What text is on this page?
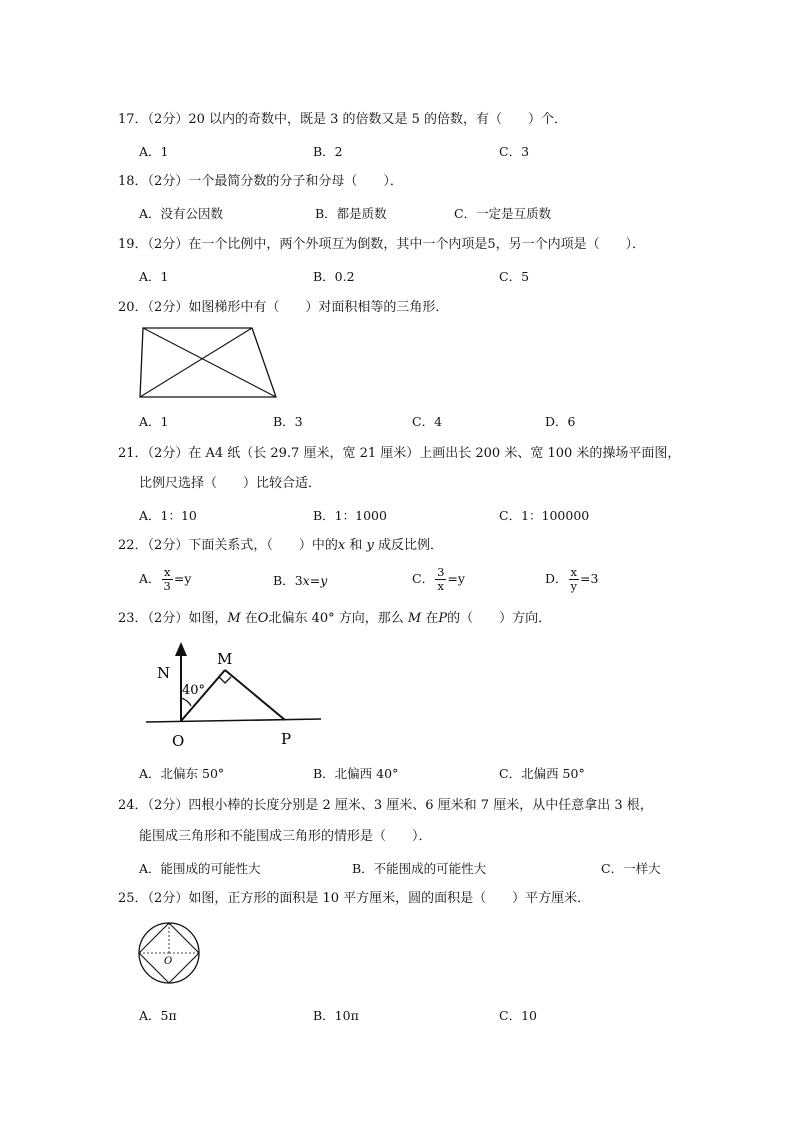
17．（2分）20 以内的奇数中，既是 3 的倍数又是 5 的倍数，有（　　）个．
A．1	B．2	C．3
18．（2分）一个最简分数的分子和分母（　　）．
A．没有公因数	B．都是质数	C．一定是互质数
19．（2分）在一个比例中，两个外项互为倒数，其中一个内项是5，另一个内项是（　　）．
A．1	B．0.2	C．5
20．（2分）如图梯形中有（　　）对面积相等的三角形．
A．1	B．3	C．4	D．6
21．（2分）在 A4 纸（长 29.7 厘米，宽 21 厘米）上画出长 200 米、宽 100 米的操场平面图，
比例尺选择（　　）比较合适．
A．1：10	B．1：1000	C．1：100000
22．（2分）下面关系式，（　　）中的x 和 y 成反比例．
A． $\frac{x}{3} =y$	B．3x=y	C． $\frac{3}{x} =y$	D． $\frac{x}{y} =3$
23．（2分）如图，M 在O北偏东 40° 方向，那么 M 在P的（　　）方向．
N
40°
M
O	P
A．北偏东 50°	B．北偏西 40°	C．北偏西 50°
24．（2分）四根小棒的长度分别是 2 厘米、3 厘米、6 厘米和 7 厘米，从中任意拿出 3 根，
能围成三角形和不能围成三角形的情形是（　　）．
A．能围成的可能性大	B．不能围成的可能性大	C．一样大
25．（2分）如图，正方形的面积是 10 平方厘米，圆的面积是（　　）平方厘米．
O
A．5π	B．10π	C．10
